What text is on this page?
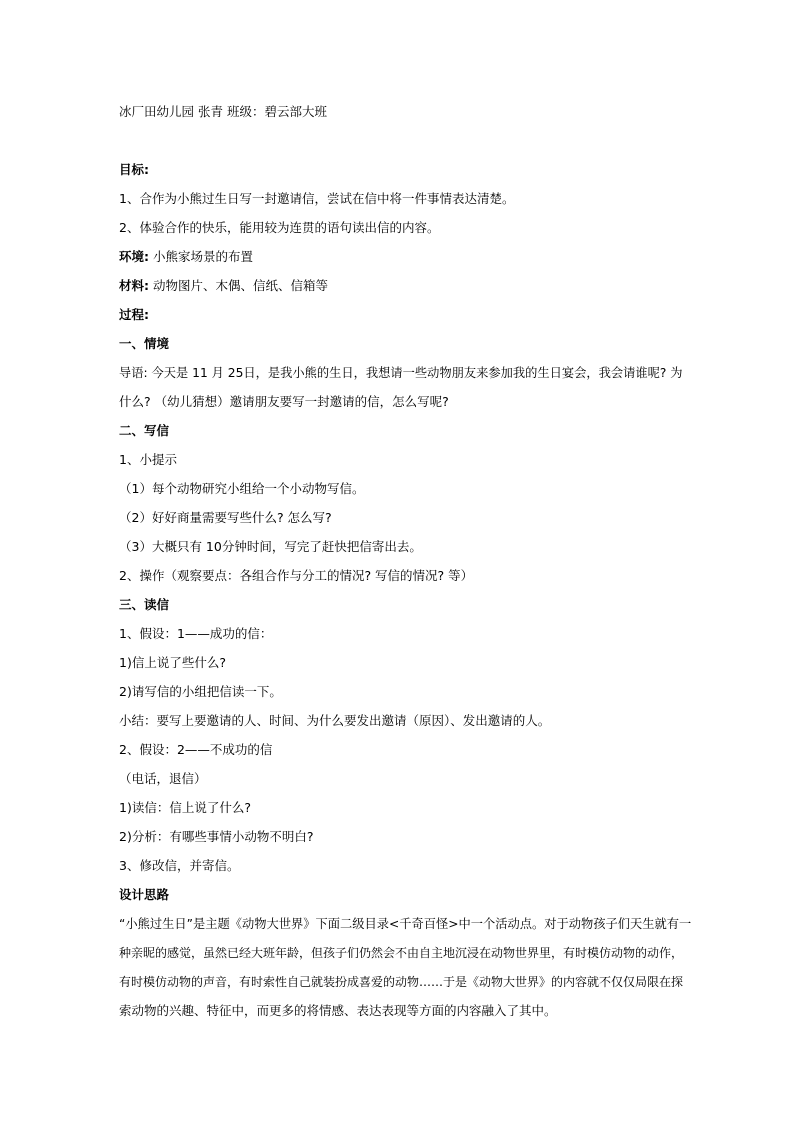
冰厂田幼儿园 张青 班级：碧云部大班
目标:
1、合作为小熊过生日写一封邀请信，尝试在信中将一件事情表达清楚。
2、体验合作的快乐，能用较为连贯的语句读出信的内容。
环境: 小熊家场景的布置
材料: 动物图片、木偶、信纸、信箱等
过程:
一、情境
导语: 今天是 11 月 25日，是我小熊的生日，我想请一些动物朋友来参加我的生日宴会，我会请谁呢? 为
什么? （幼儿猜想）邀请朋友要写一封邀请的信，怎么写呢?
二、写信
1、小提示
（1）每个动物研究小组给一个小动物写信。
（2）好好商量需要写些什么? 怎么写?
（3）大概只有 10分钟时间，写完了赶快把信寄出去。
2、操作（观察要点：各组合作与分工的情况? 写信的情况? 等）
三、读信
1、假设：1——成功的信：
1)信上说了些什么?
2)请写信的小组把信读一下。
小结：要写上要邀请的人、时间、为什么要发出邀请（原因）、发出邀请的人。
2、假设：2——不成功的信
（电话，退信）
1)读信：信上说了什么?
2)分析：有哪些事情小动物不明白?
3、修改信，并寄信。
设计思路
“小熊过生日”是主题《动物大世界》下面二级目录<千奇百怪>中一个活动点。对于动物孩子们天生就有一
种亲昵的感觉，虽然已经大班年龄，但孩子们仍然会不由自主地沉浸在动物世界里，有时模仿动物的动作，
有时模仿动物的声音，有时索性自己就装扮成喜爱的动物……于是《动物大世界》的内容就不仅仅局限在探
索动物的兴趣、特征中，而更多的将情感、表达表现等方面的内容融入了其中。
